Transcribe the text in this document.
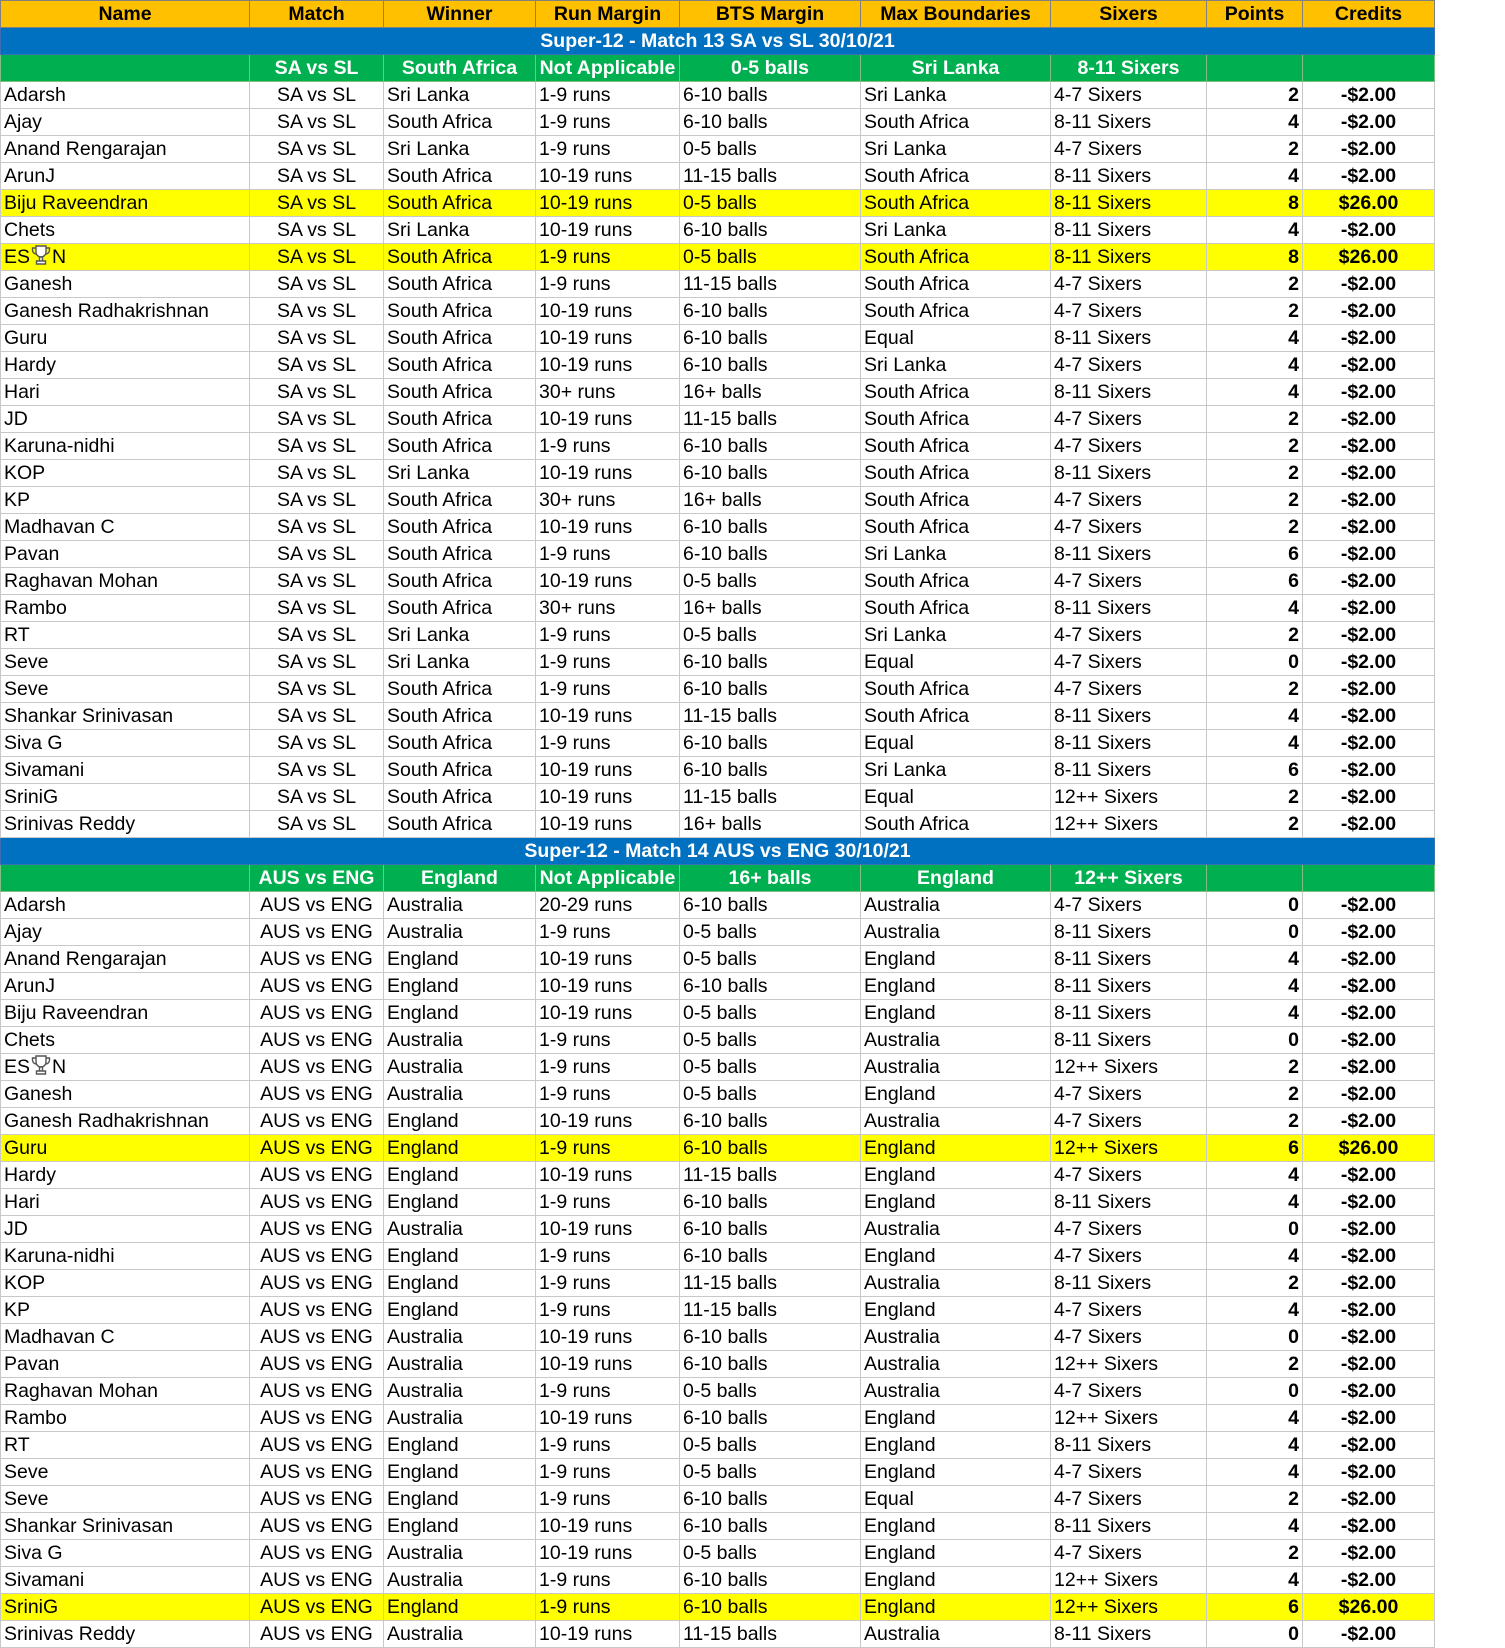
Name	Match	Winner	Run Margin	BTS Margin	Max Boundaries	Sixers	Points	Credits
Super-12 - Match 13 SA vs SL 30/10/21								
	SA vs SL	South Africa	Not Applicable	0-5 balls	Sri Lanka	8-11 Sixers		
Adarsh	SA vs SL	Sri Lanka	1-9 runs	6-10 balls	Sri Lanka	4-7 Sixers	2	-$2.00
Ajay	SA vs SL	South Africa	1-9 runs	6-10 balls	South Africa	8-11 Sixers	4	-$2.00
Anand Rengarajan	SA vs SL	Sri Lanka	1-9 runs	0-5 balls	Sri Lanka	4-7 Sixers	2	-$2.00
ArunJ	SA vs SL	South Africa	10-19 runs	11-15 balls	South Africa	8-11 Sixers	4	-$2.00
Biju Raveendran	SA vs SL	South Africa	10-19 runs	0-5 balls	South Africa	8-11 Sixers	8	$26.00
Chets	SA vs SL	Sri Lanka	10-19 runs	6-10 balls	Sri Lanka	8-11 Sixers	4	-$2.00
ES N	SA vs SL	South Africa	1-9 runs	0-5 balls	South Africa	8-11 Sixers	8	$26.00
Ganesh	SA vs SL	South Africa	1-9 runs	11-15 balls	South Africa	4-7 Sixers	2	-$2.00
Ganesh Radhakrishnan	SA vs SL	South Africa	10-19 runs	6-10 balls	South Africa	4-7 Sixers	2	-$2.00
Guru	SA vs SL	South Africa	10-19 runs	6-10 balls	Equal	8-11 Sixers	4	-$2.00
Hardy	SA vs SL	South Africa	10-19 runs	6-10 balls	Sri Lanka	4-7 Sixers	4	-$2.00
Hari	SA vs SL	South Africa	30+ runs	16+ balls	South Africa	8-11 Sixers	4	-$2.00
JD	SA vs SL	South Africa	10-19 runs	11-15 balls	South Africa	4-7 Sixers	2	-$2.00
Karuna-nidhi	SA vs SL	South Africa	1-9 runs	6-10 balls	South Africa	4-7 Sixers	2	-$2.00
KOP	SA vs SL	Sri Lanka	10-19 runs	6-10 balls	South Africa	8-11 Sixers	2	-$2.00
KP	SA vs SL	South Africa	30+ runs	16+ balls	South Africa	4-7 Sixers	2	-$2.00
Madhavan C	SA vs SL	South Africa	10-19 runs	6-10 balls	South Africa	4-7 Sixers	2	-$2.00
Pavan	SA vs SL	South Africa	1-9 runs	6-10 balls	Sri Lanka	8-11 Sixers	6	-$2.00
Raghavan Mohan	SA vs SL	South Africa	10-19 runs	0-5 balls	South Africa	4-7 Sixers	6	-$2.00
Rambo	SA vs SL	South Africa	30+ runs	16+ balls	South Africa	8-11 Sixers	4	-$2.00
RT	SA vs SL	Sri Lanka	1-9 runs	0-5 balls	Sri Lanka	4-7 Sixers	2	-$2.00
Seve	SA vs SL	Sri Lanka	1-9 runs	6-10 balls	Equal	4-7 Sixers	0	-$2.00
Seve	SA vs SL	South Africa	1-9 runs	6-10 balls	South Africa	4-7 Sixers	2	-$2.00
Shankar Srinivasan	SA vs SL	South Africa	10-19 runs	11-15 balls	South Africa	8-11 Sixers	4	-$2.00
Siva G	SA vs SL	South Africa	1-9 runs	6-10 balls	Equal	8-11 Sixers	4	-$2.00
Sivamani	SA vs SL	South Africa	10-19 runs	6-10 balls	Sri Lanka	8-11 Sixers	6	-$2.00
SriniG	SA vs SL	South Africa	10-19 runs	11-15 balls	Equal	12++ Sixers	2	-$2.00
Srinivas Reddy	SA vs SL	South Africa	10-19 runs	16+ balls	South Africa	12++ Sixers	2	-$2.00
Super-12 - Match 14 AUS vs ENG 30/10/21								
	AUS vs ENG	England	Not Applicable	16+ balls	England	12++ Sixers		
Adarsh	AUS vs ENG	Australia	20-29 runs	6-10 balls	Australia	4-7 Sixers	0	-$2.00
Ajay	AUS vs ENG	Australia	1-9 runs	0-5 balls	Australia	8-11 Sixers	0	-$2.00
Anand Rengarajan	AUS vs ENG	England	10-19 runs	0-5 balls	England	8-11 Sixers	4	-$2.00
ArunJ	AUS vs ENG	England	10-19 runs	6-10 balls	England	8-11 Sixers	4	-$2.00
Biju Raveendran	AUS vs ENG	England	10-19 runs	0-5 balls	England	8-11 Sixers	4	-$2.00
Chets	AUS vs ENG	Australia	1-9 runs	0-5 balls	Australia	8-11 Sixers	0	-$2.00
ES N	AUS vs ENG	Australia	1-9 runs	0-5 balls	Australia	12++ Sixers	2	-$2.00
Ganesh	AUS vs ENG	Australia	1-9 runs	0-5 balls	England	4-7 Sixers	2	-$2.00
Ganesh Radhakrishnan	AUS vs ENG	England	10-19 runs	6-10 balls	Australia	4-7 Sixers	2	-$2.00
Guru	AUS vs ENG	England	1-9 runs	6-10 balls	England	12++ Sixers	6	$26.00
Hardy	AUS vs ENG	England	10-19 runs	11-15 balls	England	4-7 Sixers	4	-$2.00
Hari	AUS vs ENG	England	1-9 runs	6-10 balls	England	8-11 Sixers	4	-$2.00
JD	AUS vs ENG	Australia	10-19 runs	6-10 balls	Australia	4-7 Sixers	0	-$2.00
Karuna-nidhi	AUS vs ENG	England	1-9 runs	6-10 balls	England	4-7 Sixers	4	-$2.00
KOP	AUS vs ENG	England	1-9 runs	11-15 balls	Australia	8-11 Sixers	2	-$2.00
KP	AUS vs ENG	England	1-9 runs	11-15 balls	England	4-7 Sixers	4	-$2.00
Madhavan C	AUS vs ENG	Australia	10-19 runs	6-10 balls	Australia	4-7 Sixers	0	-$2.00
Pavan	AUS vs ENG	Australia	10-19 runs	6-10 balls	Australia	12++ Sixers	2	-$2.00
Raghavan Mohan	AUS vs ENG	Australia	1-9 runs	0-5 balls	Australia	4-7 Sixers	0	-$2.00
Rambo	AUS vs ENG	Australia	10-19 runs	6-10 balls	England	12++ Sixers	4	-$2.00
RT	AUS vs ENG	England	1-9 runs	0-5 balls	England	8-11 Sixers	4	-$2.00
Seve	AUS vs ENG	England	1-9 runs	0-5 balls	England	4-7 Sixers	4	-$2.00
Seve	AUS vs ENG	England	1-9 runs	6-10 balls	Equal	4-7 Sixers	2	-$2.00
Shankar Srinivasan	AUS vs ENG	England	10-19 runs	6-10 balls	England	8-11 Sixers	4	-$2.00
Siva G	AUS vs ENG	Australia	10-19 runs	0-5 balls	England	4-7 Sixers	2	-$2.00
Sivamani	AUS vs ENG	Australia	1-9 runs	6-10 balls	England	12++ Sixers	4	-$2.00
SriniG	AUS vs ENG	England	1-9 runs	6-10 balls	England	12++ Sixers	6	$26.00
Srinivas Reddy	AUS vs ENG	Australia	10-19 runs	11-15 balls	Australia	8-11 Sixers	0	-$2.00
